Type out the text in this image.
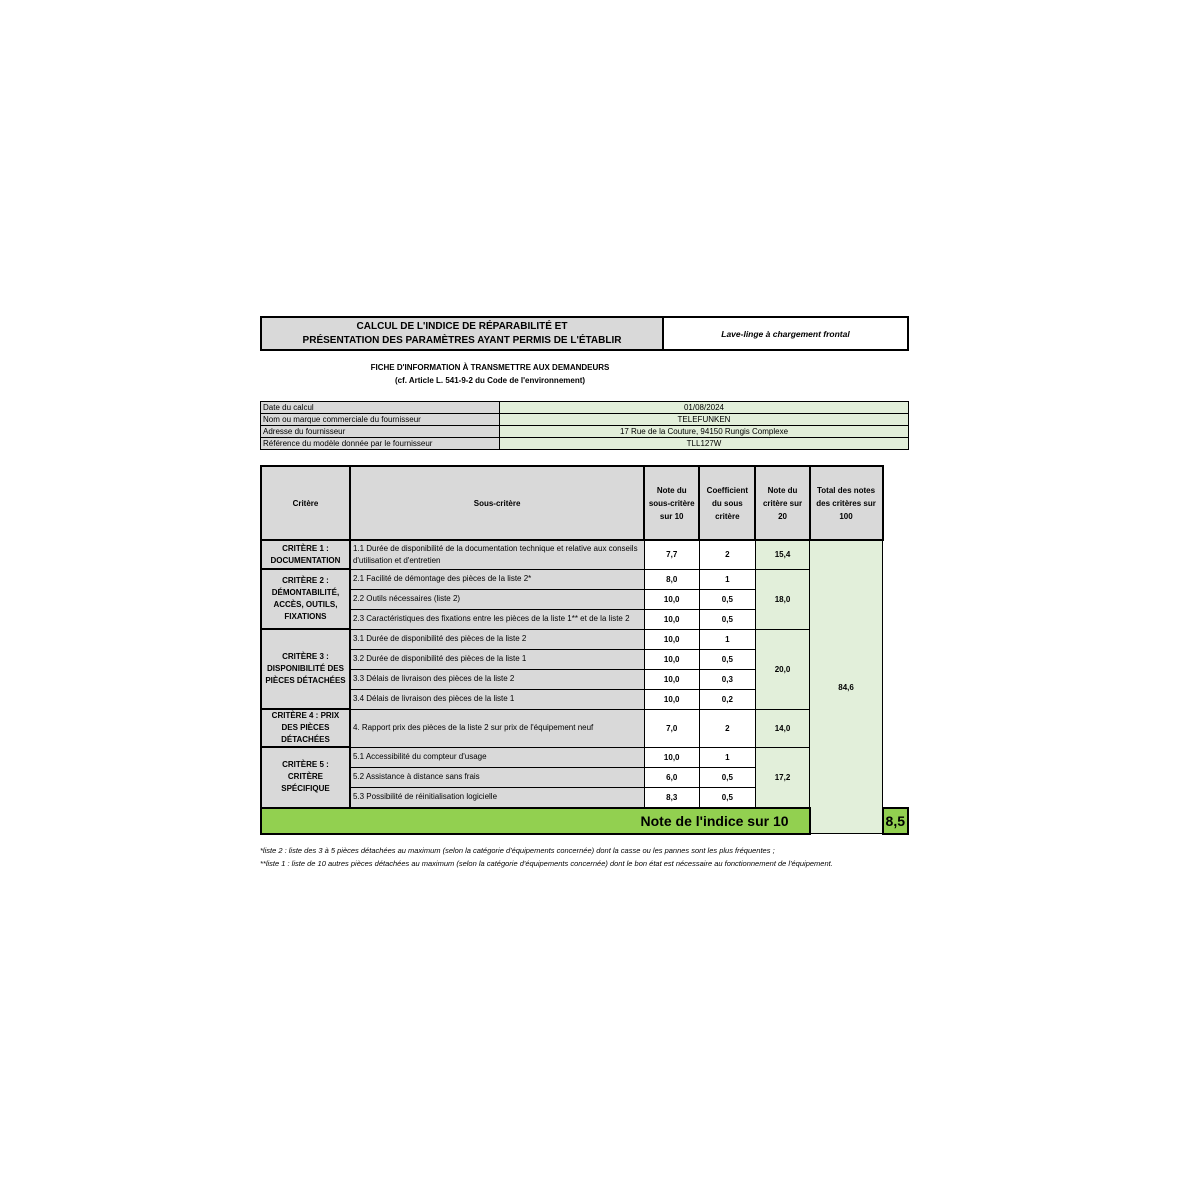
CALCUL DE L'INDICE DE RÉPARABILITÉ ET
PRÉSENTATION DES PARAMÈTRES AYANT PERMIS DE L'ÉTABLIR
Lave-linge à chargement frontal
FICHE D'INFORMATION À TRANSMETTRE AUX DEMANDEURS
(cf. Article L. 541-9-2 du Code de l'environnement)
Date du calcul	01/08/2024
Nom ou marque commerciale du fournisseur	TELEFUNKEN
Adresse du fournisseur	17 Rue de la Couture, 94150 Rungis Complexe
Référence du modèle donnée par le fournisseur	TLL127W
Critère	Sous-critère	Note du sous-critère sur 10	Coefficient du sous critère	Note du critère sur 20	Total des notes des critères sur 100	
CRITÈRE 1 : DOCUMENTATION	1.1 Durée de disponibilité de la documentation technique et relative aux conseils d'utilisation et d'entretien	7,7	2	15,4	84,6	
CRITÈRE 2 : DÉMONTABILITÉ, ACCÈS, OUTILS, FIXATIONS	2.1 Facilité de démontage des pièces de la liste 2*	8,0	1	18,0		
	2.2 Outils nécessaires (liste 2)	10,0	0,5			
	2.3 Caractéristiques des fixations entre les pièces de la liste 1** et de la liste 2	10,0	0,5			
CRITÈRE 3 : DISPONIBILITÉ DES PIÈCES DÉTACHÉES	3.1 Durée de disponibilité des pièces de la liste 2	10,0	1	20,0		
	3.2 Durée de disponibilité des pièces de la liste 1	10,0	0,5			
	3.3 Délais de livraison des pièces de la liste 2	10,0	0,3			
	3.4 Délais de livraison des pièces de la liste 1	10,0	0,2			
CRITÈRE 4 : PRIX DES PIÈCES DÉTACHÉES	4. Rapport prix des pièces de la liste 2 sur prix de l'équipement neuf	7,0	2	14,0		
CRITÈRE 5 : CRITÈRE SPÉCIFIQUE	5.1 Accessibilité du compteur d'usage	10,0	1	17,2		
	5.2 Assistance à distance sans frais	6,0	0,5			
	5.3 Possibilité de réinitialisation logicielle	8,3	0,5			
Note de l'indice sur 10						8,5
*liste 2 : liste des 3 à 5 pièces détachées au maximum (selon la catégorie d'équipements concernée) dont la casse ou les pannes sont les plus fréquentes ;
**liste 1 : liste de 10 autres pièces détachées au maximum (selon la catégorie d'équipements concernée) dont le bon état est nécessaire au fonctionnement de l'équipement.
